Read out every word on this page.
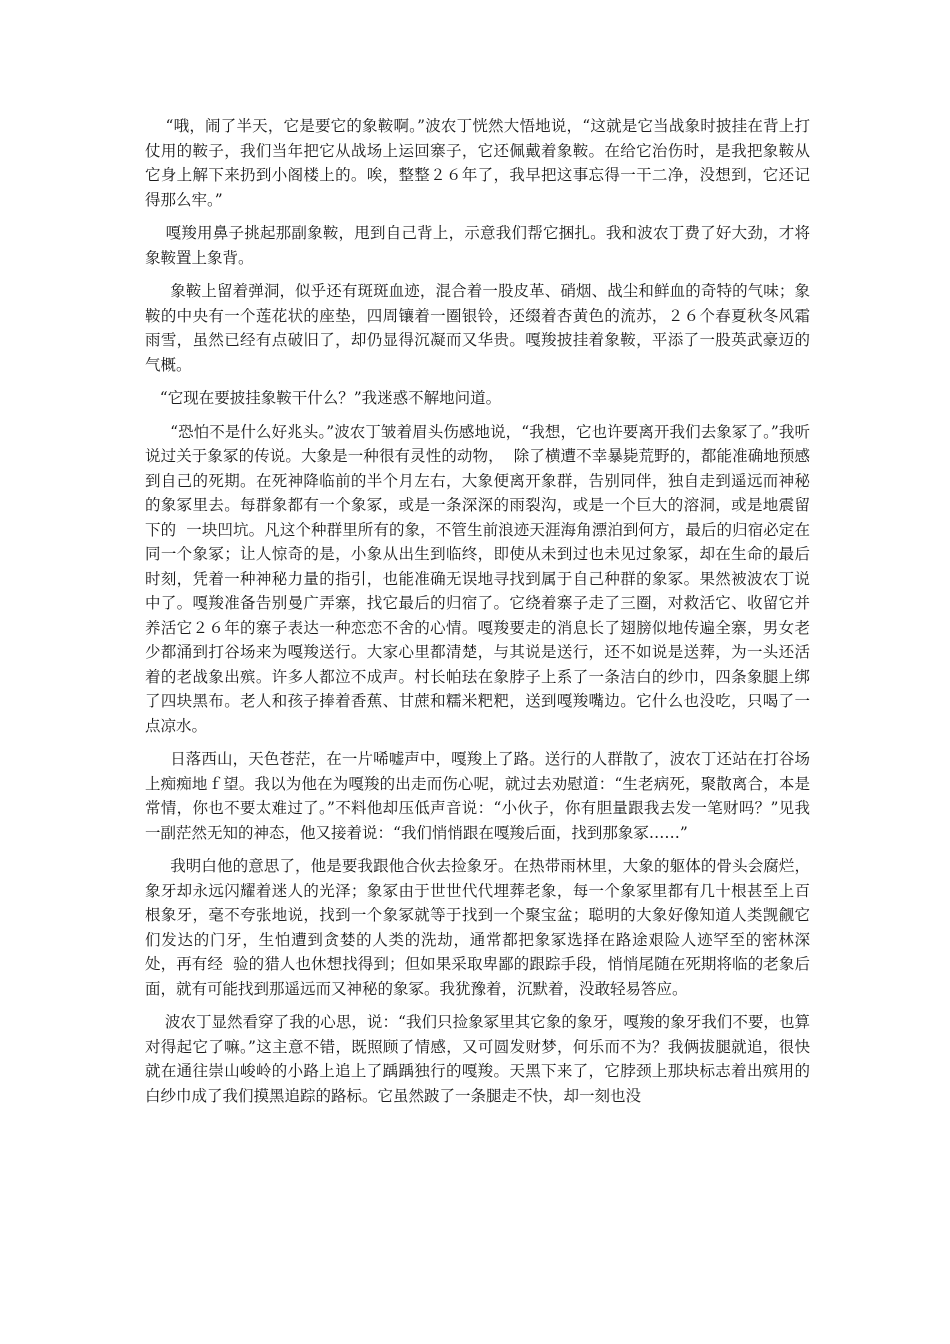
“哦，闹了半天，它是要它的象鞍啊。”波农丁恍然大悟地说，“这就是它当战象时披挂在背上打仗用的鞍子，我们当年把它从战场上运回寨子，它还佩戴着象鞍。在给它治伤时，是我把象鞍从它身上解下来扔到小阁楼上的。唉，整整２６年了，我早把这事忘得一干二净，没想到，它还记得那么牢。”

嘎羧用鼻子挑起那副象鞍，甩到自己背上，示意我们帮它捆扎。我和波农丁费了好大劲，才将象鞍置上象背。

象鞍上留着弹洞，似乎还有斑斑血迹，混合着一股皮革、硝烟、战尘和鲜血的奇特的气味；象鞍的中央有一个莲花状的座垫，四周镶着一圈银铃，还缀着杏黄色的流苏，２６个春夏秋冬风霜雨雪，虽然已经有点破旧了，却仍显得沉凝而又华贵。嘎羧披挂着象鞍，平添了一股英武豪迈的气概。

“它现在要披挂象鞍干什么？”我迷惑不解地问道。

“恐怕不是什么好兆头。”波农丁皱着眉头伤感地说，“我想，它也许要离开我们去象冢了。”我听说过关于象冢的传说。大象是一种很有灵性的动物，  除了横遭不幸暴毙荒野的，都能准确地预感到自己的死期。在死神降临前的半个月左右，大象便离开象群，告别同伴，独自走到遥远而神秘的象冢里去。每群象都有一个象冢，或是一条深深的雨裂沟，或是一个巨大的溶洞，或是地震留下的  一块凹坑。凡这个种群里所有的象，不管生前浪迹天涯海角漂泊到何方，最后的归宿必定在同一个象冢；让人惊奇的是，小象从出生到临终，即使从未到过也未见过象冢，却在生命的最后时刻，凭着一种神秘力量的指引，也能准确无误地寻找到属于自己种群的象冢。果然被波农丁说中了。嘎羧准备告别曼广弄寨，找它最后的归宿了。它绕着寨子走了三圈，对救活它、收留它并养活它２６年的寨子表达一种恋恋不舍的心情。嘎羧要走的消息长了翅膀似地传遍全寨，男女老少都涌到打谷场来为嘎羧送行。大家心里都清楚，与其说是送行，还不如说是送葬，为一头还活着的老战象出殡。许多人都泣不成声。村长帕珐在象脖子上系了一条洁白的纱巾，四条象腿上绑了四块黑布。老人和孩子捧着香蕉、甘蔗和糯米粑粑，送到嘎羧嘴边。它什么也没吃，只喝了一点凉水。

日落西山，天色苍茫，在一片唏嘘声中，嘎羧上了路。送行的人群散了，波农丁还站在打谷场上痴痴地ｆ望。我以为他在为嘎羧的出走而伤心呢，就过去劝慰道：“生老病死，聚散离合，本是常情，你也不要太难过了。”不料他却压低声音说：“小伙子，你有胆量跟我去发一笔财吗？”见我一副茫然无知的神态，他又接着说：“我们悄悄跟在嘎羧后面，找到那象冢……”

我明白他的意思了，他是要我跟他合伙去捡象牙。在热带雨林里，大象的躯体的骨头会腐烂，象牙却永远闪耀着迷人的光泽；象冢由于世世代代埋葬老象，每一个象冢里都有几十根甚至上百根象牙，毫不夸张地说，找到一个象冢就等于找到一个聚宝盆；聪明的大象好像知道人类觊觎它们发达的门牙，生怕遭到贪婪的人类的洗劫，通常都把象冢选择在路途艰险人迹罕至的密林深处，再有经  验的猎人也休想找得到；但如果采取卑鄙的跟踪手段，悄悄尾随在死期将临的老象后面，就有可能找到那遥远而又神秘的象冢。我犹豫着，沉默着，没敢轻易答应。

波农丁显然看穿了我的心思，说：“我们只捡象冢里其它象的象牙，嘎羧的象牙我们不要，也算对得起它了嘛。”这主意不错，既照顾了情感，又可圆发财梦，何乐而不为？我俩拔腿就追，很快就在通往崇山峻岭的小路上追上了踽踽独行的嘎羧。天黑下来了，它脖颈上那块标志着出殡用的白纱巾成了我们摸黑追踪的路标。它虽然跛了一条腿走不快，却一刻也没
